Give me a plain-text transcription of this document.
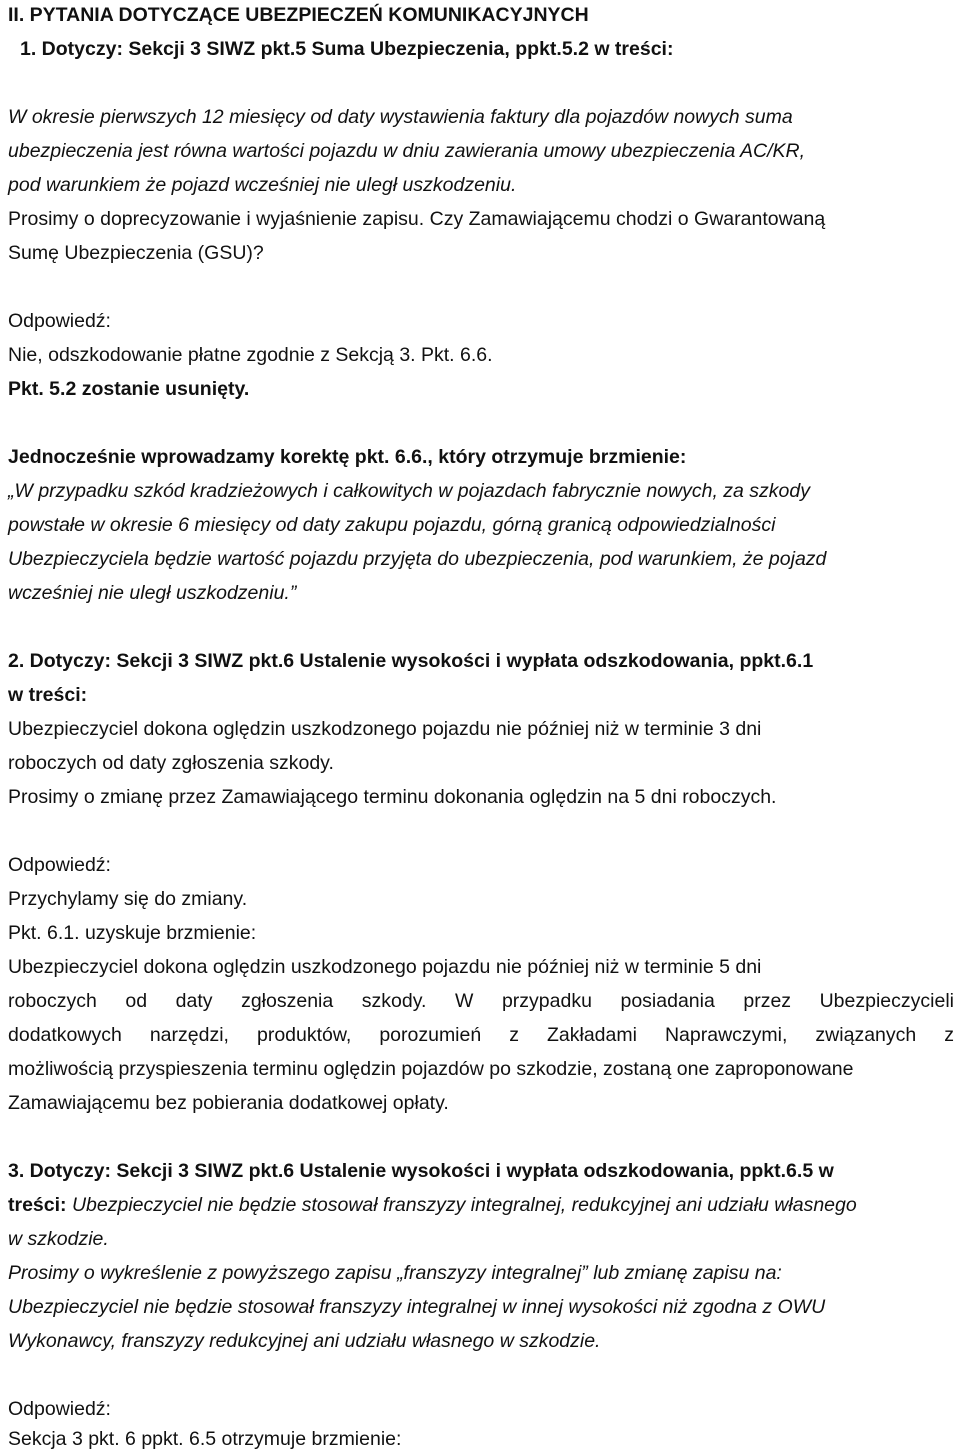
II. PYTANIA DOTYCZĄCE UBEZPIECZEŃ KOMUNIKACYJNYCH
1. Dotyczy: Sekcji 3 SIWZ pkt.5 Suma Ubezpieczenia, ppkt.5.2 w treści:
W okresie pierwszych 12 miesięcy od daty wystawienia faktury dla pojazdów nowych suma
ubezpieczenia jest równa wartości pojazdu w dniu zawierania umowy ubezpieczenia AC/KR,
pod warunkiem że pojazd wcześniej nie uległ uszkodzeniu.
Prosimy o doprecyzowanie i wyjaśnienie zapisu. Czy Zamawiającemu chodzi o Gwarantowaną
Sumę Ubezpieczenia (GSU)?
Odpowiedź:
Nie, odszkodowanie płatne zgodnie z Sekcją 3. Pkt. 6.6.
Pkt. 5.2 zostanie usunięty.
Jednocześnie wprowadzamy korektę pkt. 6.6., który otrzymuje brzmienie:
„W przypadku szkód kradzieżowych i całkowitych w pojazdach fabrycznie nowych, za szkody
powstałe w okresie 6 miesięcy od daty zakupu pojazdu, górną granicą odpowiedzialności
Ubezpieczyciela będzie wartość pojazdu przyjęta do ubezpieczenia, pod warunkiem, że pojazd
wcześniej nie uległ uszkodzeniu.”
2. Dotyczy: Sekcji 3 SIWZ pkt.6 Ustalenie wysokości i wypłata odszkodowania, ppkt.6.1
w treści:
Ubezpieczyciel dokona oględzin uszkodzonego pojazdu nie później niż w terminie 3 dni
roboczych od daty zgłoszenia szkody.
Prosimy o zmianę przez Zamawiającego terminu dokonania oględzin na 5 dni roboczych.
Odpowiedź:
Przychylamy się do zmiany.
Pkt. 6.1. uzyskuje brzmienie:
Ubezpieczyciel dokona oględzin uszkodzonego pojazdu nie później niż w terminie 5 dni
roboczych od daty zgłoszenia szkody. W przypadku posiadania przez Ubezpieczycieli
dodatkowych narzędzi, produktów, porozumień z Zakładami Naprawczymi, związanych z
możliwością przyspieszenia terminu oględzin pojazdów po szkodzie, zostaną one zaproponowane
Zamawiającemu bez pobierania dodatkowej opłaty.
3. Dotyczy: Sekcji 3 SIWZ pkt.6 Ustalenie wysokości i wypłata odszkodowania, ppkt.6.5 w
treści: Ubezpieczyciel nie będzie stosował franszyzy integralnej, redukcyjnej ani udziału własnego
w szkodzie.
Prosimy o wykreślenie z powyższego zapisu „franszyzy integralnej” lub zmianę zapisu na:
Ubezpieczyciel nie będzie stosował franszyzy integralnej w innej wysokości niż zgodna z OWU
Wykonawcy, franszyzy redukcyjnej ani udziału własnego w szkodzie.
Odpowiedź:
Sekcja 3 pkt. 6 ppkt. 6.5 otrzymuje brzmienie:
